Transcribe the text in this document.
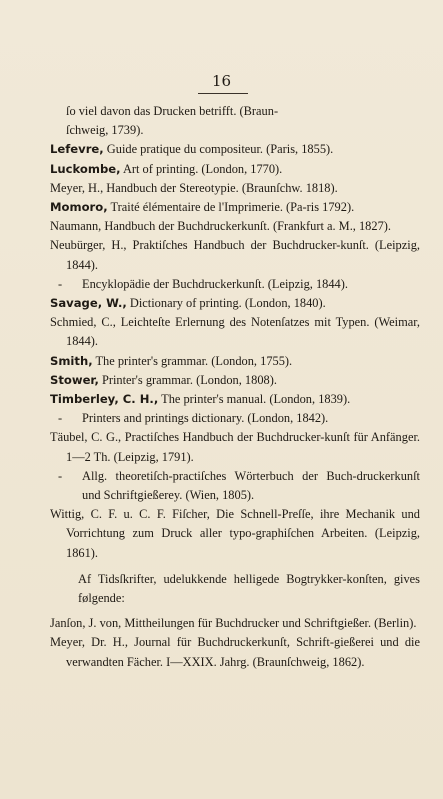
16
ſo viel davon das Drucken betrifft. (Braun-
ſchweig, 1739).
Lefevre, Guide pratique du compositeur. (Paris, 1855).
Luckombe, Art of printing. (London, 1770).
Meyer, H., Handbuch der Stereotypie. (Braunſchw. 1818).
Momoro, Traité élémentaire de l'Imprimerie. (Pa-ris 1792).
Naumann, Handbuch der Buchdruckerkunſt. (Frankfurt a. M., 1827).
Neubürger, H., Praktiſches Handbuch der Buchdrucker-kunſt. (Leipzig, 1844).
- Encyklopädie der Buchdruckerkunſt. (Leipzig, 1844).
Savage, W., Dictionary of printing. (London, 1840).
Schmied, C., Leichteſte Erlernung des Notenſatzes mit Typen. (Weimar, 1844).
Smith, The printer's grammar. (London, 1755).
Stower, Printer's grammar. (London, 1808).
Timberley, C. H., The printer's manual. (London, 1839).
- Printers and printings dictionary. (London, 1842).
Täubel, C. G., Practiſches Handbuch der Buchdrucker-kunſt für Anfänger. 1—2 Th. (Leipzig, 1791).
- Allg. theoretiſch-practiſches Wörterbuch der Buch-druckerkunſt und Schriftgießerey. (Wien, 1805).
Wittig, C. F. u. C. F. Fiſcher, Die Schnell-Preſſe, ihre Mechanik und Vorrichtung zum Druck aller typo-graphiſchen Arbeiten. (Leipzig, 1861).
Af Tidsſkrifter, udelukkende helligede Bogtrykker-konſten, gives følgende:
Janſon, J. von, Mittheilungen für Buchdrucker und Schriftgießer. (Berlin).
Meyer, Dr. H., Journal für Buchdruckerkunſt, Schrift-gießerei und die verwandten Fächer. I—XXIX. Jahrg. (Braunſchweig, 1862).
